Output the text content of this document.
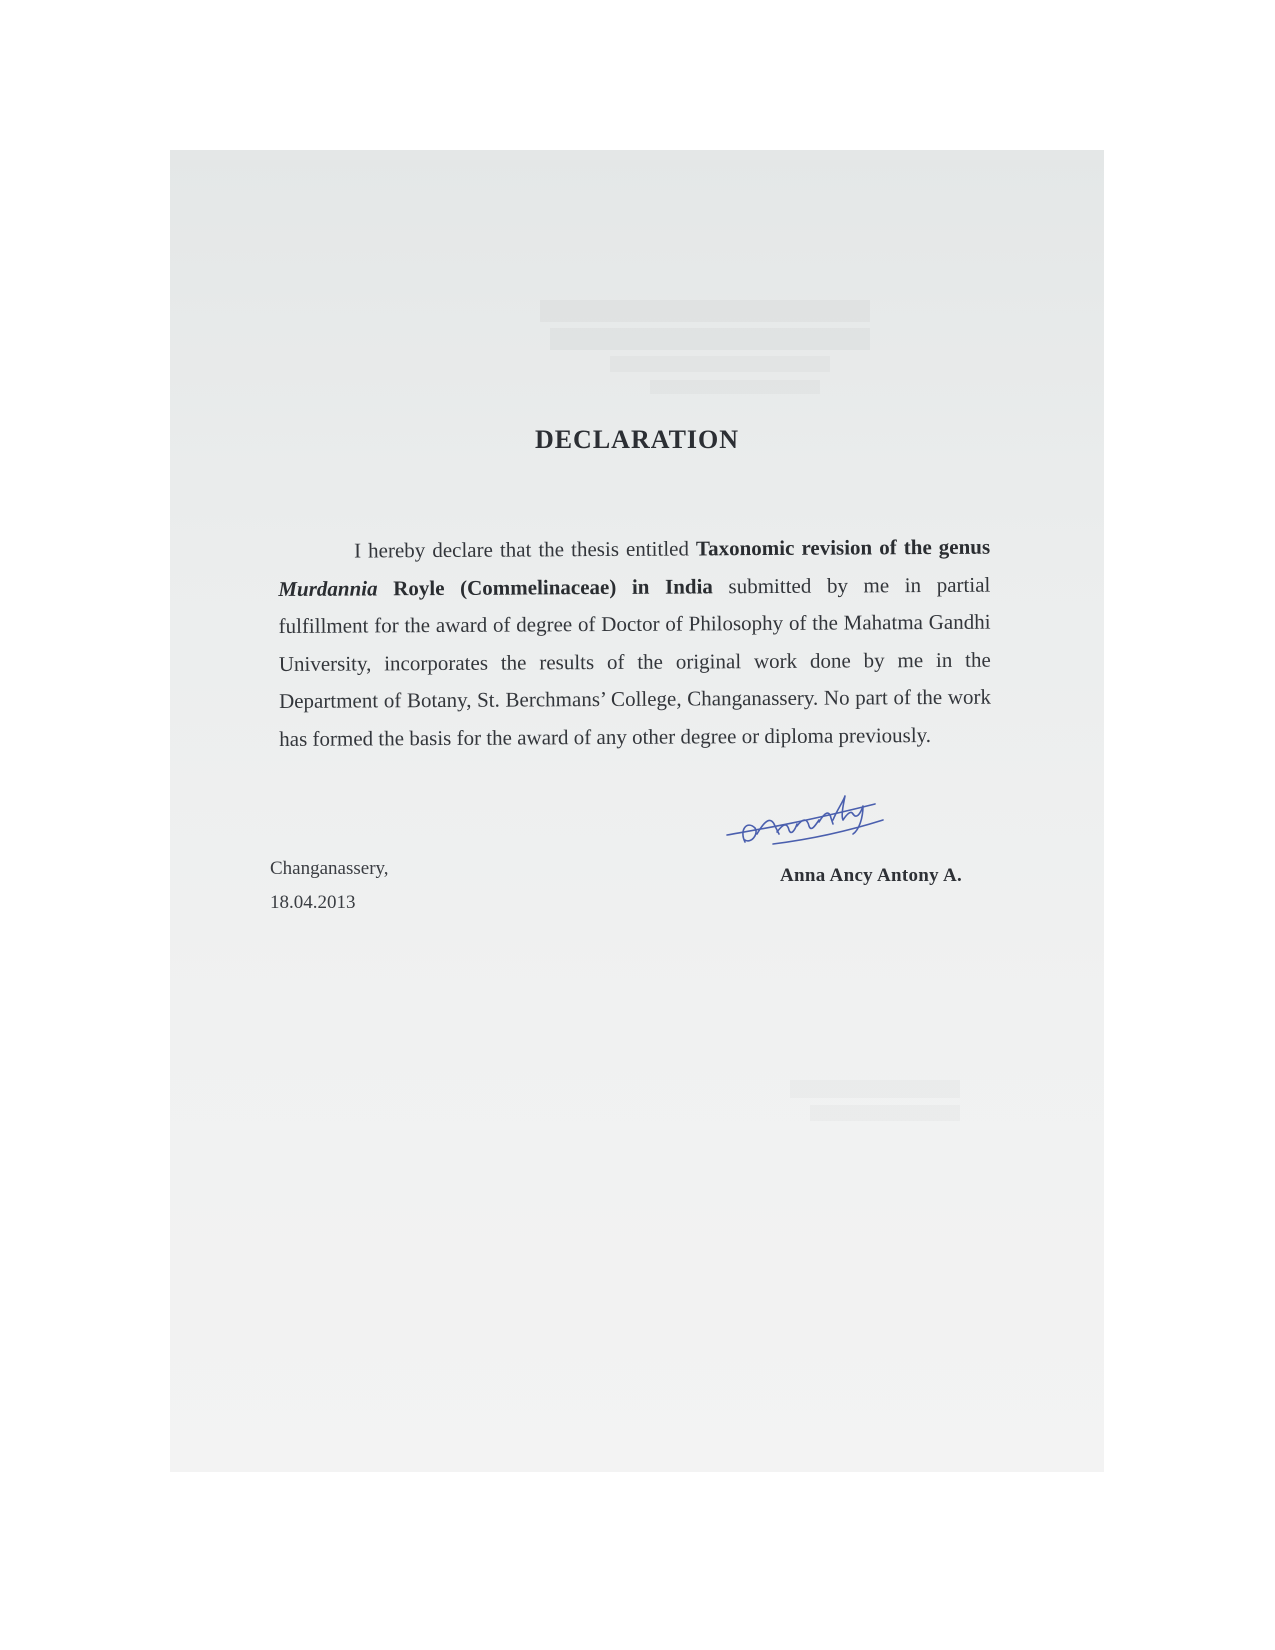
DECLARATION

I hereby declare that the thesis entitled Taxonomic revision of the genus Murdannia Royle (Commelinaceae) in India submitted by me in partial fulfillment for the award of degree of Doctor of Philosophy of the Mahatma Gandhi University, incorporates the results of the original work done by me in the Department of Botany, St. Berchmans’ College, Changanassery. No part of the work has formed the basis for the award of any other degree or diploma previously.

Changanassery,
18.04.2013
Anna Ancy Antony A.
